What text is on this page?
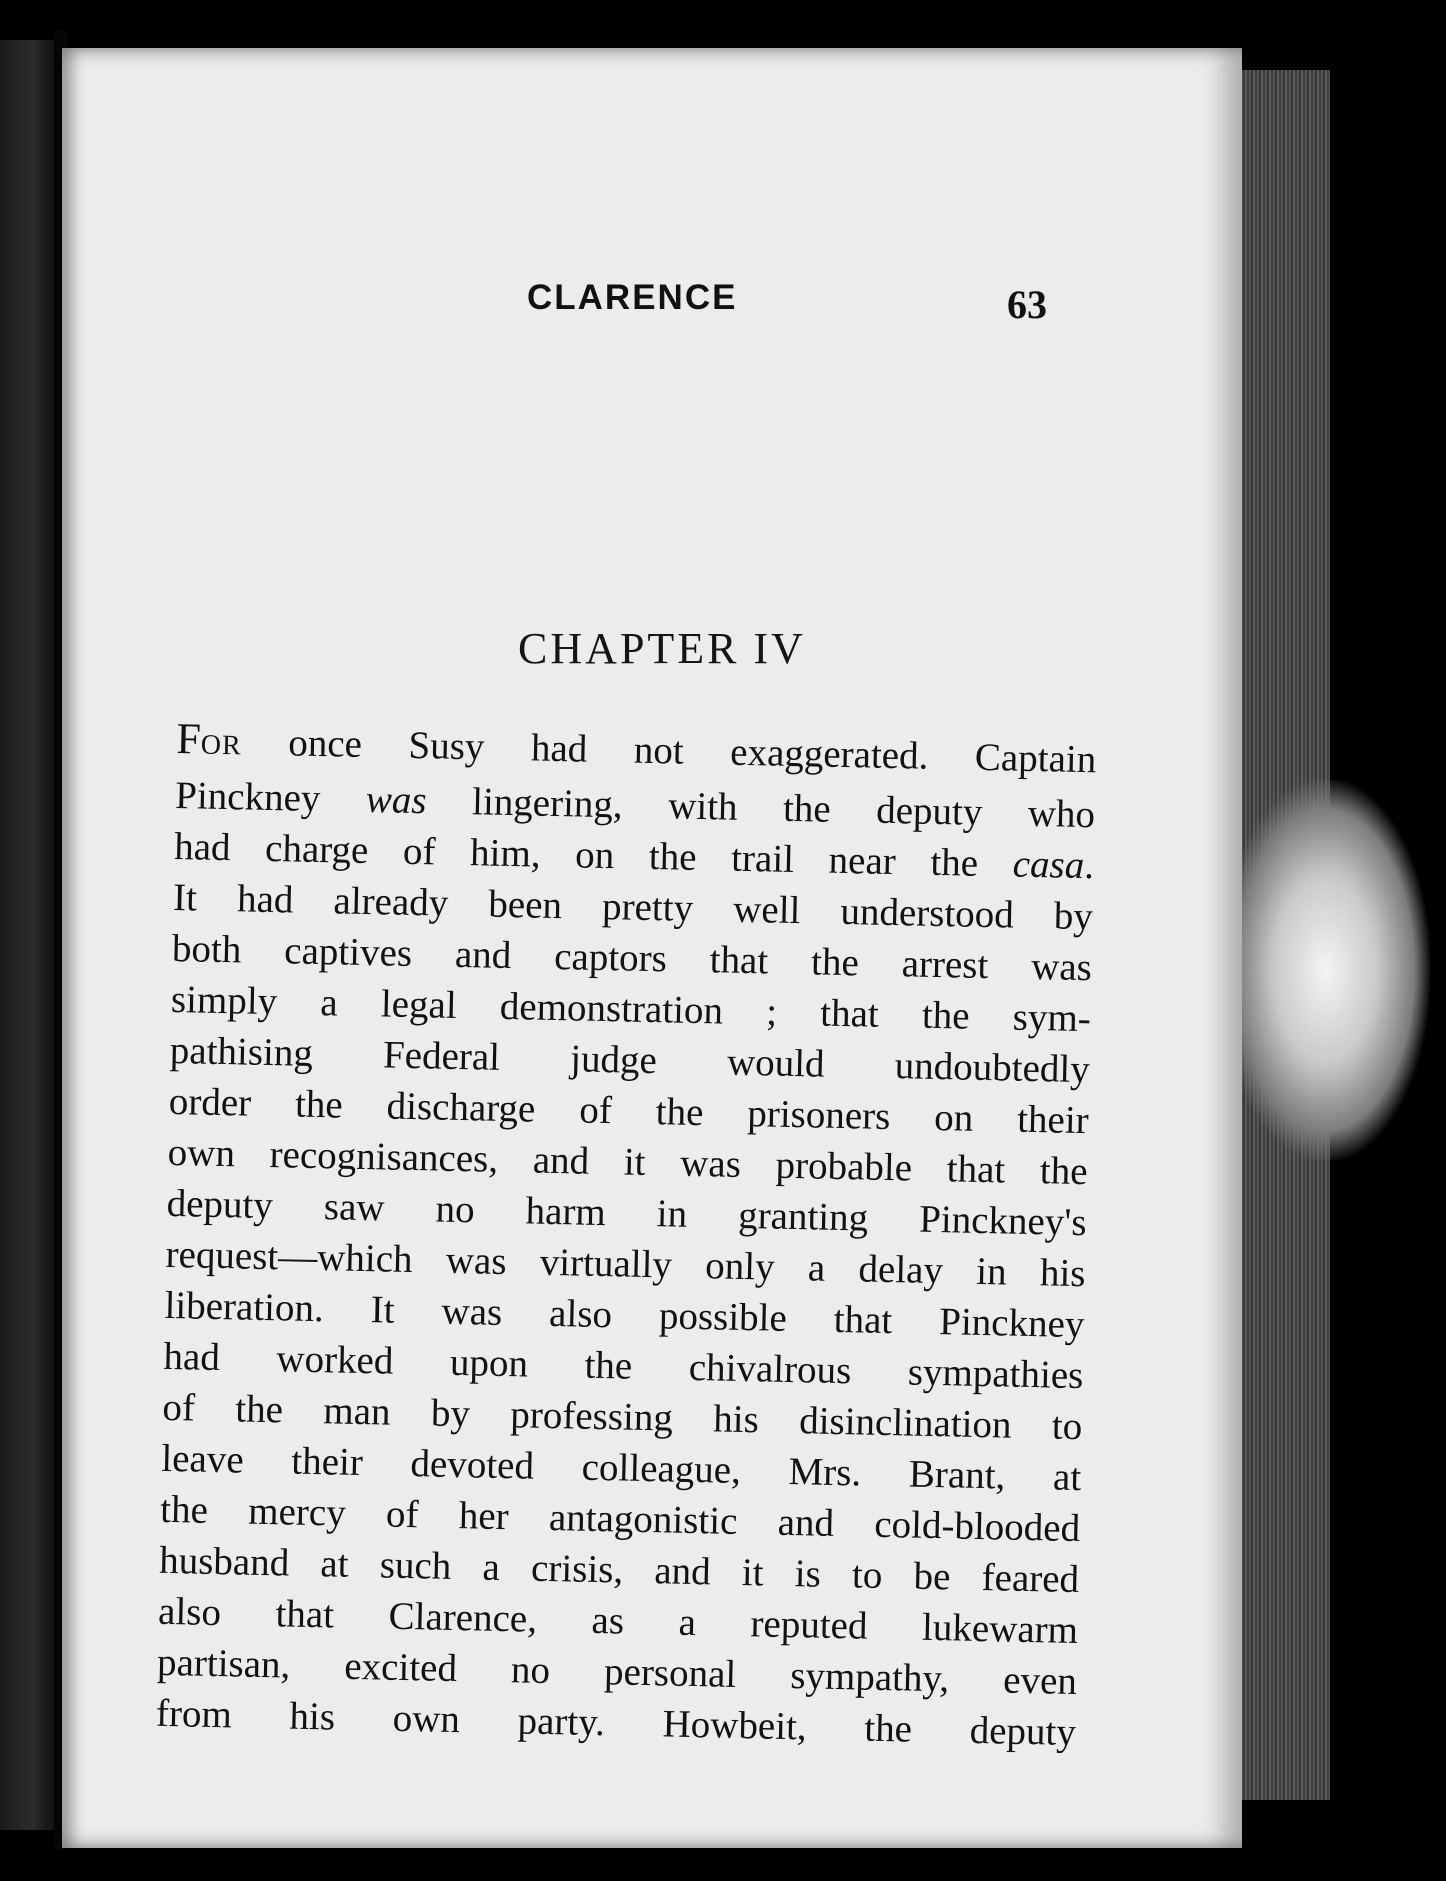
CLARENCE	63
CHAPTER IV
FOR once Susy had not exaggerated. Captain
Pinckney was lingering, with the deputy who
had charge of him, on the trail near the casa.
It had already been pretty well understood by
both captives and captors that the arrest was
simply a legal demonstration ; that the sym-
pathising Federal judge would undoubtedly
order the discharge of the prisoners on their
own recognisances, and it was probable that the
deputy saw no harm in granting Pinckney's
request—which was virtually only a delay in his
liberation. It was also possible that Pinckney
had worked upon the chivalrous sympathies
of the man by professing his disinclination to
leave their devoted colleague, Mrs. Brant, at
the mercy of her antagonistic and cold-blooded
husband at such a crisis, and it is to be feared
also that Clarence, as a reputed lukewarm
partisan, excited no personal sympathy, even
from his own party. Howbeit, the deputy
